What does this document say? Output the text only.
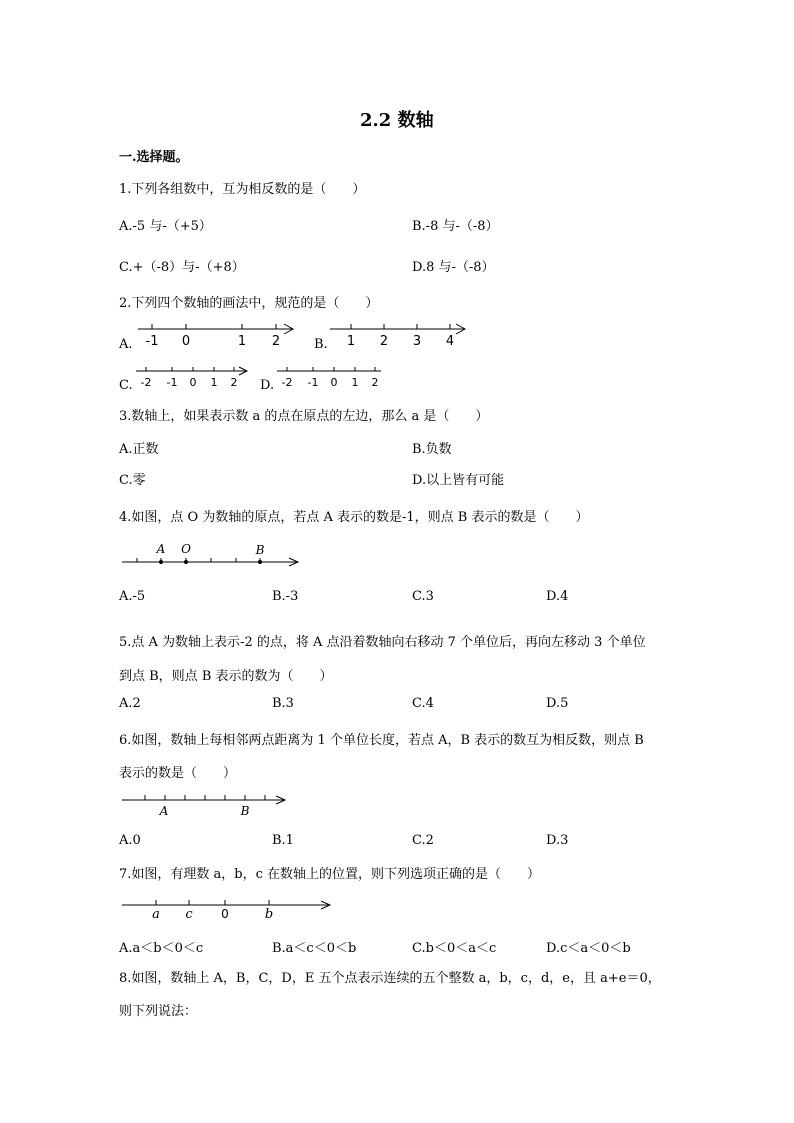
2.2 数轴
一.选择题。
1.下列各组数中，互为相反数的是（　　）
A.-5 与-（+5）	B.-8 与-（-8）
C.+（-8）与-（+8）	D.8 与-（-8）
2.下列四个数轴的画法中，规范的是（　　）
A. -1 0	1 2	B. 1 2 3 4
C. -2 -1 0 1 2 D. -2 -1 0 1 2
3.数轴上，如果表示数 a 的点在原点的左边，那么 a 是（　　）
A.正数	B.负数
C.零	D.以上皆有可能
4.如图，点 O 为数轴的原点，若点 A 表示的数是-1，则点 B 表示的数是（　　）
A O	B
A.-5	B.-3	C.3	D.4
5.点 A 为数轴上表示-2 的点，将 A 点沿着数轴向右移动 7 个单位后，再向左移动 3 个单位
到点 B，则点 B 表示的数为（　　）
A.2	B.3	C.4	D.5
6.如图，数轴上每相邻两点距离为 1 个单位长度，若点 A，B 表示的数互为相反数，则点 B
表示的数是（　　）
A	B
A.0	B.1	C.2	D.3
7.如图，有理数 a，b，c 在数轴上的位置，则下列选项正确的是（　　）
a c 0	b
A.a＜b＜0＜c	B.a＜c＜0＜b	C.b＜0＜a＜c	D.c＜a＜0＜b
8.如图，数轴上 A，B，C，D，E 五个点表示连续的五个整数 a，b，c，d，e，且 a+e＝0，
则下列说法：
